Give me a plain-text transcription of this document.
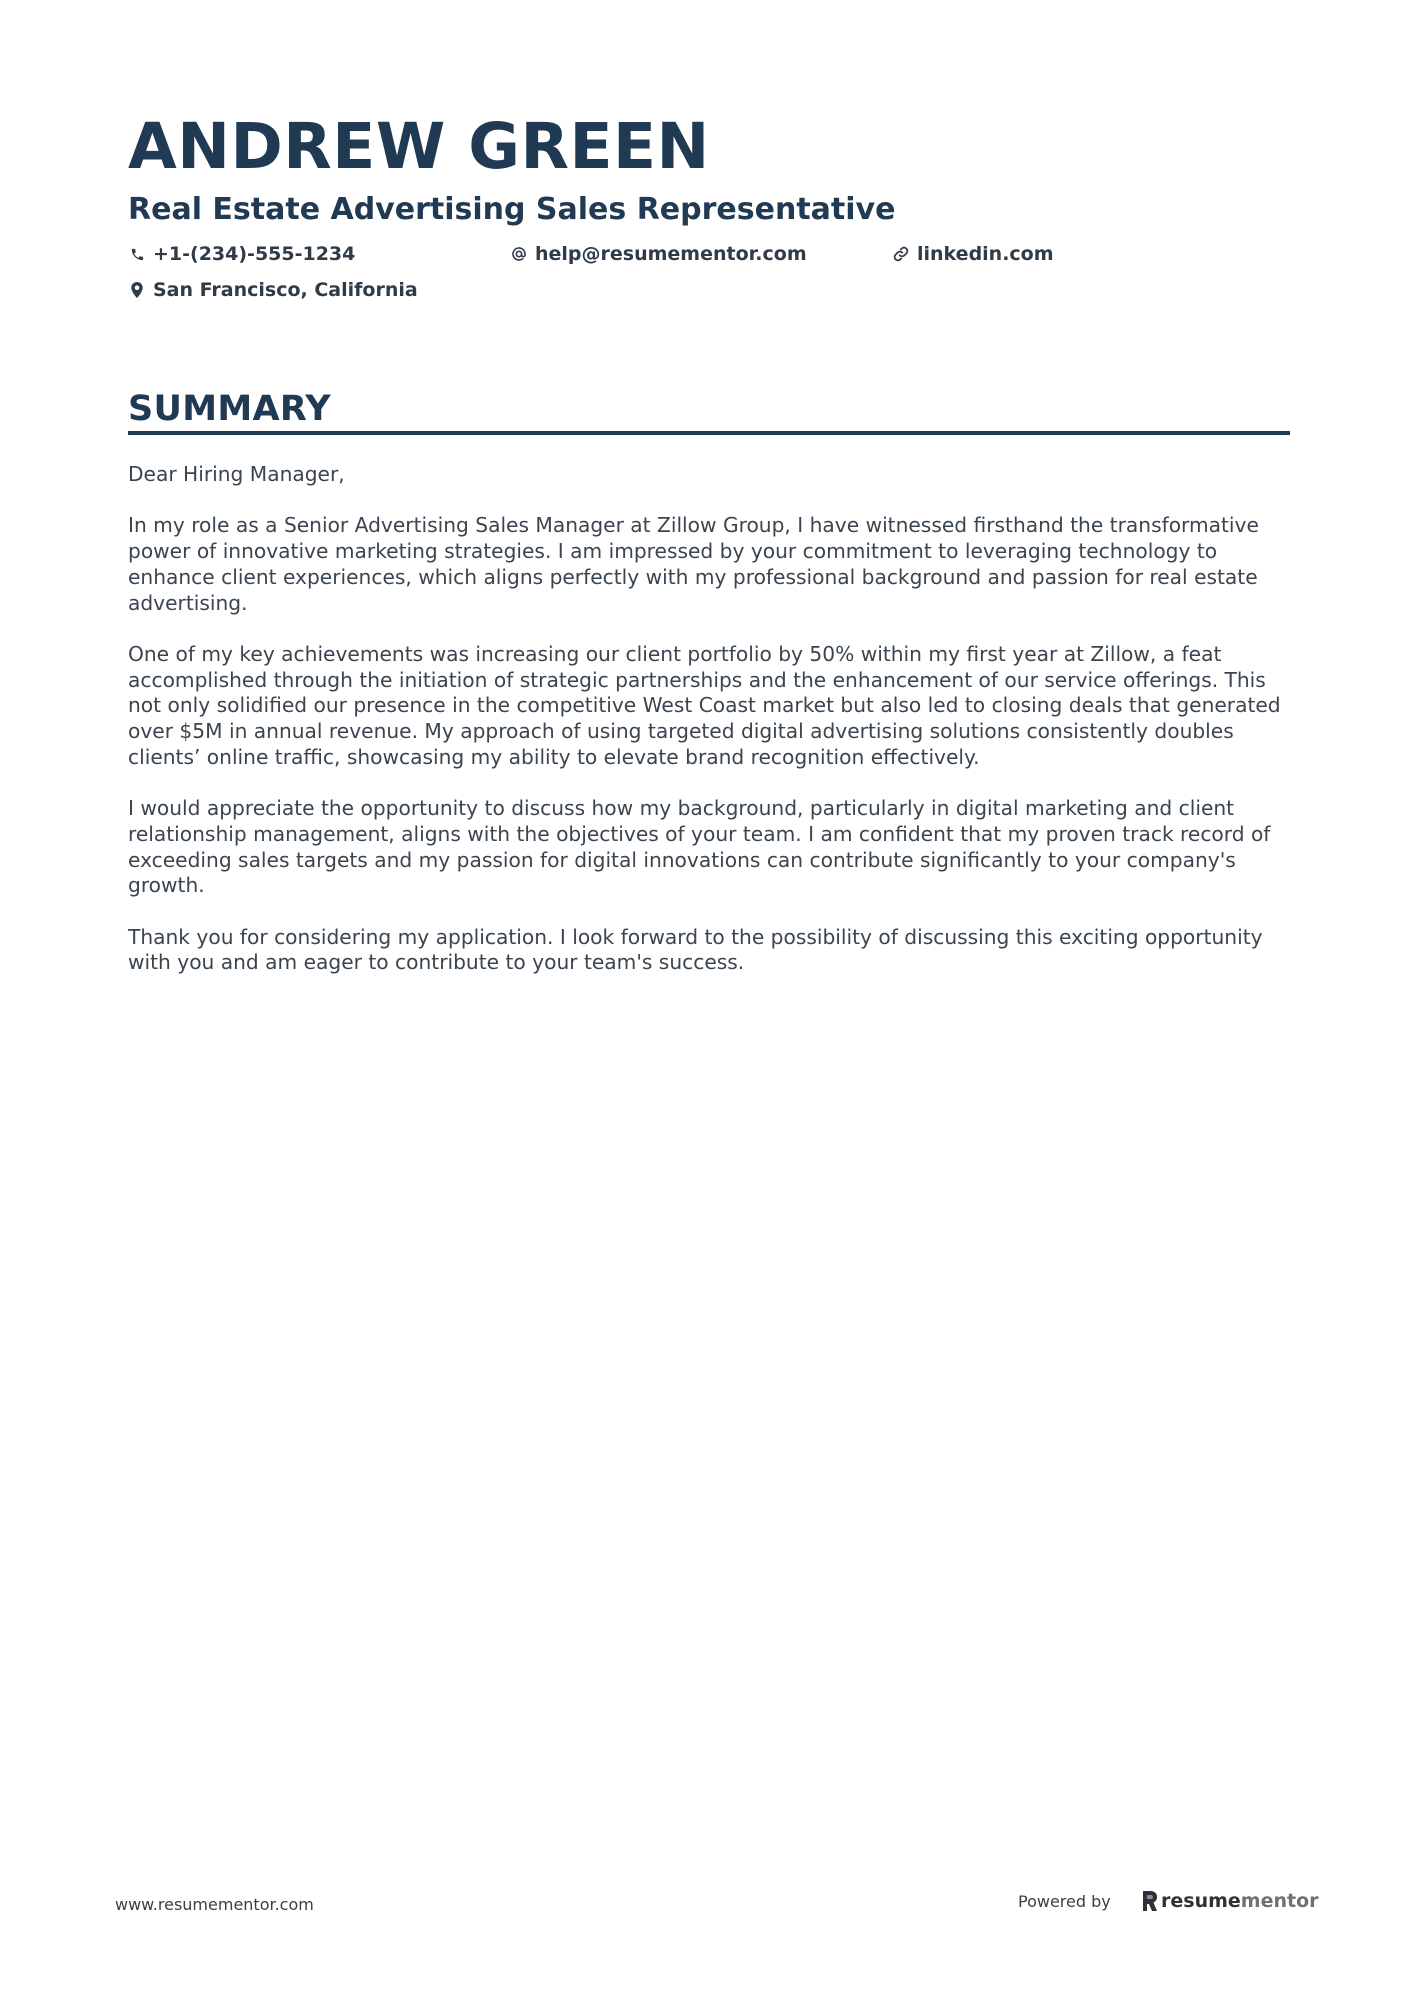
ANDREW GREEN
Real Estate Advertising Sales Representative
+1-(234)-555-1234	help@resumementor.com	linkedin.com
San Francisco, California
SUMMARY

Dear Hiring Manager,

In my role as a Senior Advertising Sales Manager at Zillow Group, I have witnessed firsthand the transformative power of innovative marketing strategies. I am impressed by your commitment to leveraging technology to enhance client experiences, which aligns perfectly with my professional background and passion for real estate advertising.

One of my key achievements was increasing our client portfolio by 50% within my first year at Zillow, a feat accomplished through the initiation of strategic partnerships and the enhancement of our service offerings. This not only solidified our presence in the competitive West Coast market but also led to closing deals that generated over $5M in annual revenue. My approach of using targeted digital advertising solutions consistently doubles clients’ online traffic, showcasing my ability to elevate brand recognition effectively.

I would appreciate the opportunity to discuss how my background, particularly in digital marketing and client relationship management, aligns with the objectives of your team. I am confident that my proven track record of exceeding sales targets and my passion for digital innovations can contribute significantly to your company's growth.

Thank you for considering my application. I look forward to the possibility of discussing this exciting opportunity with you and am eager to contribute to your team's success.

www.resumementor.com	Powered by	resume mentor
